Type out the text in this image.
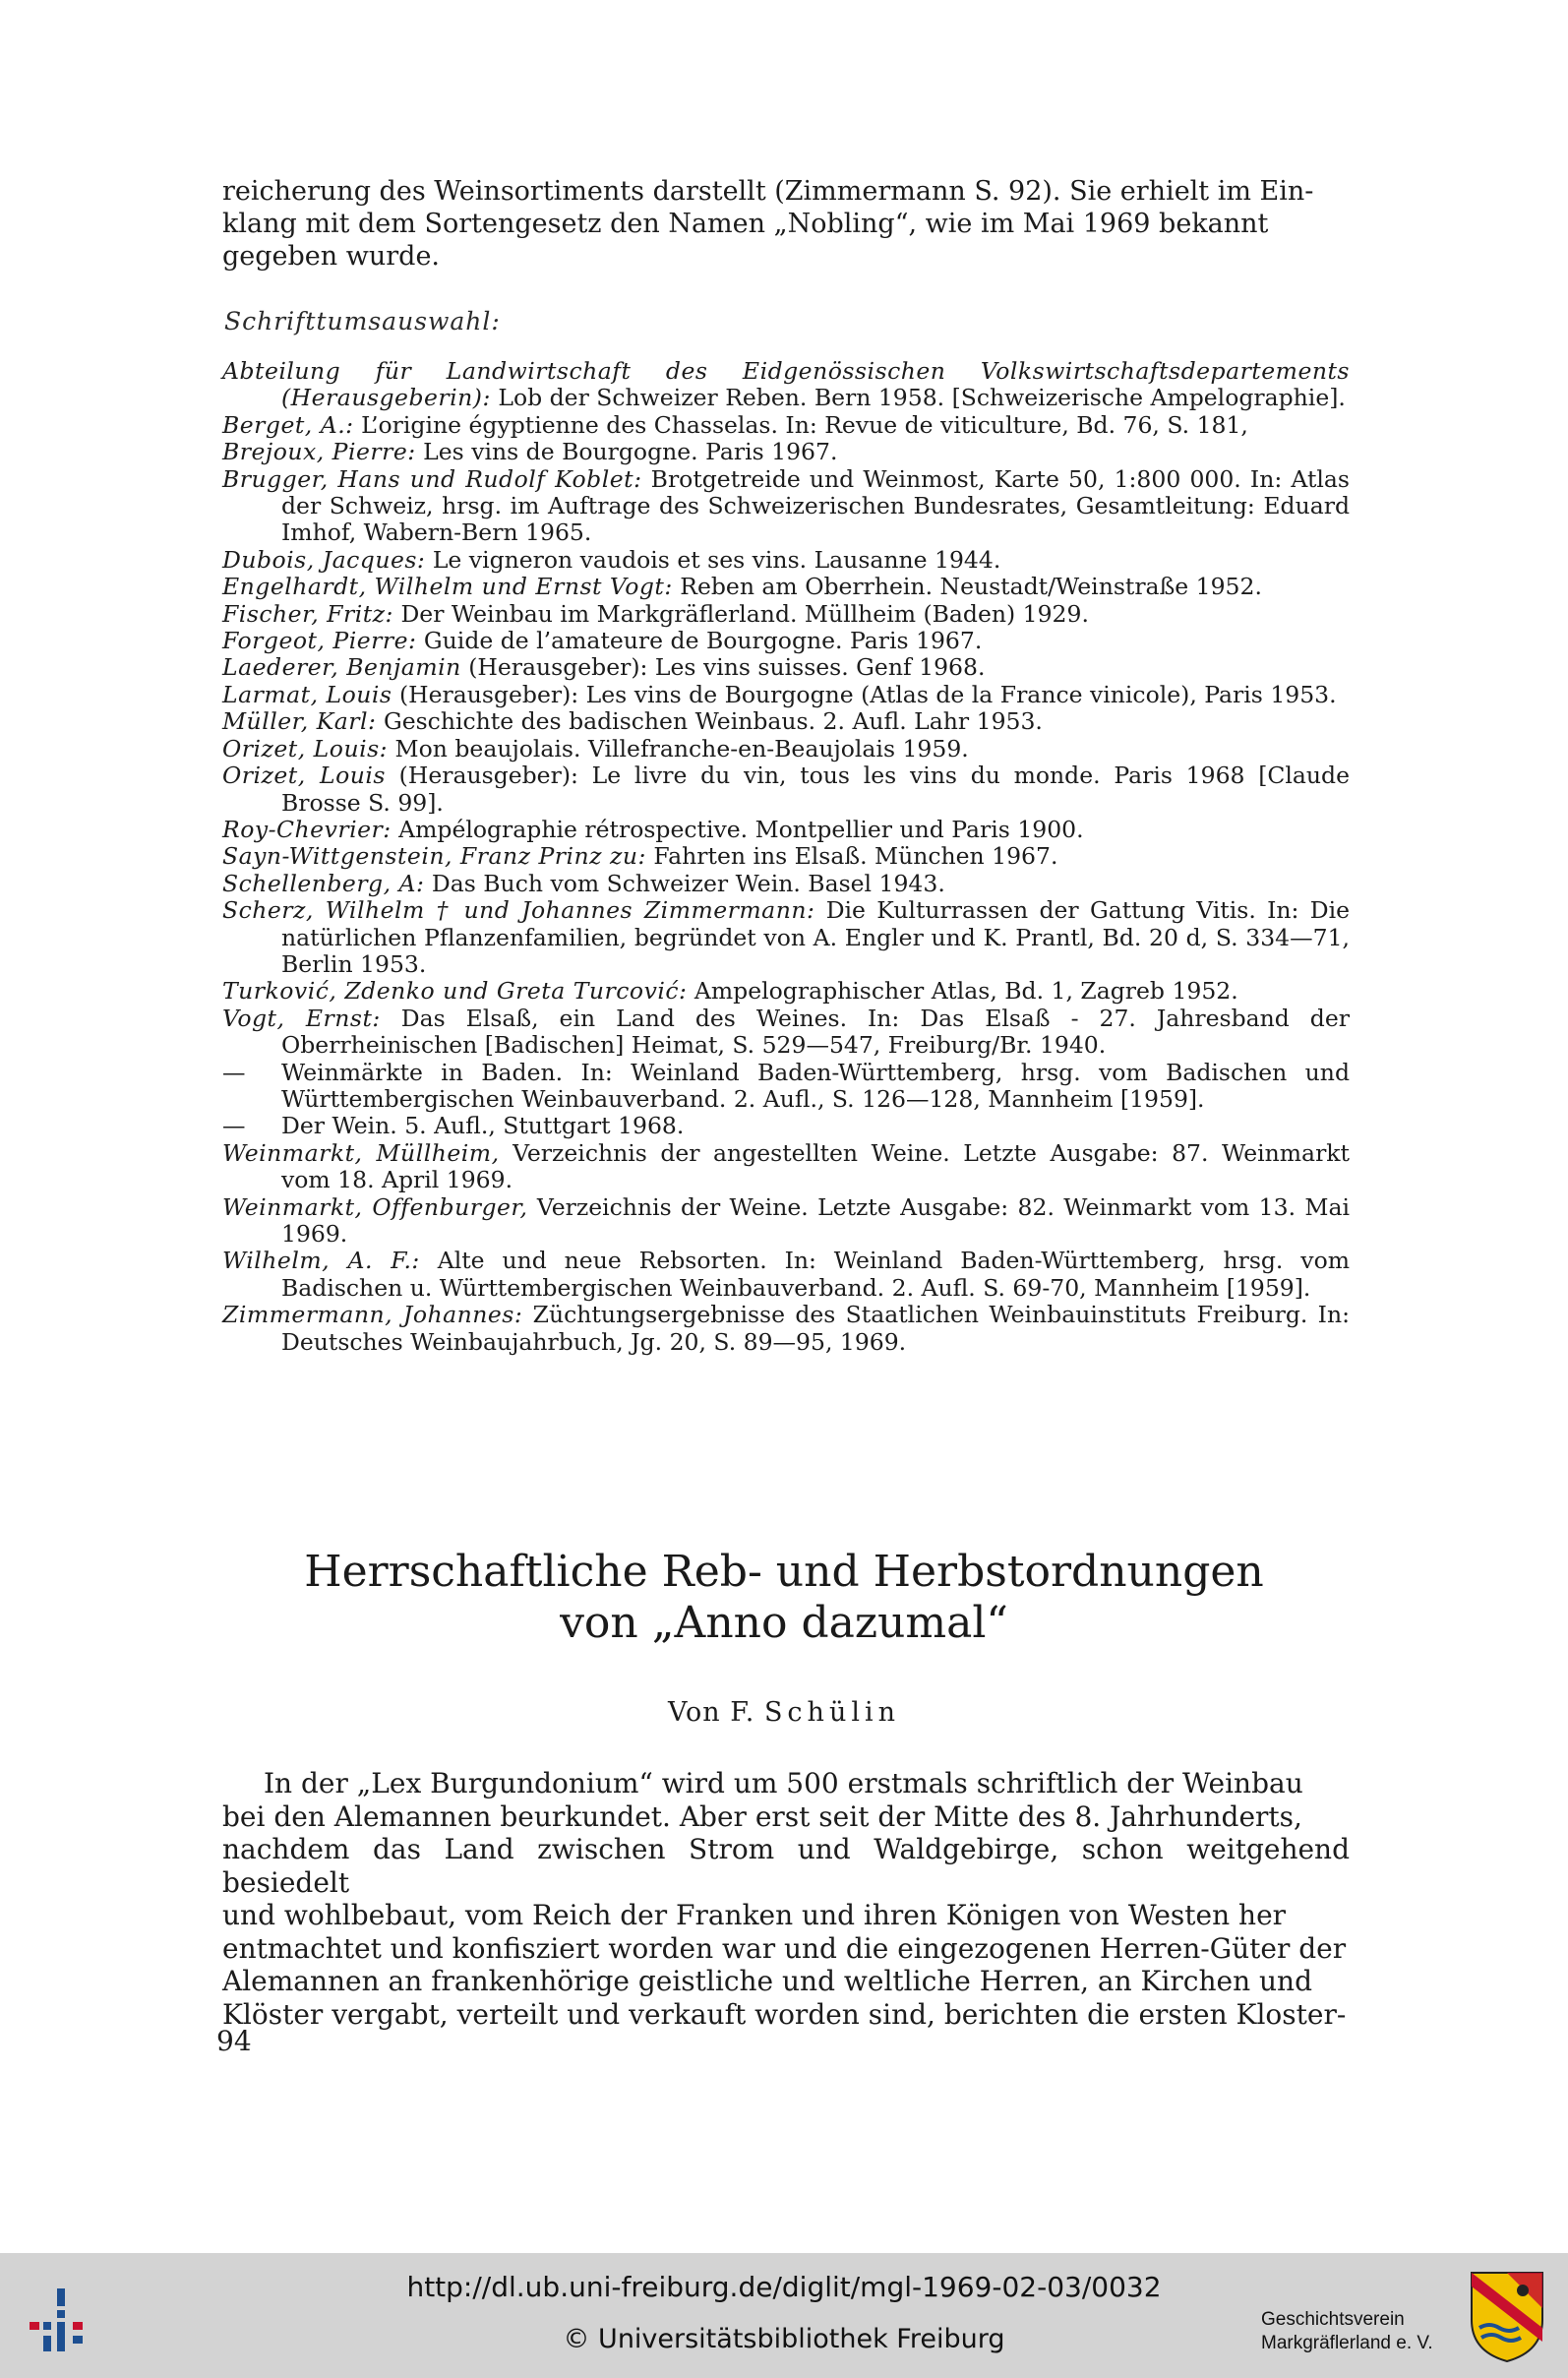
reicherung des Weinsortiments darstellt (Zimmermann S. 92). Sie erhielt im Ein-
klang mit dem Sortengesetz den Namen „Nobling“, wie im Mai 1969 bekannt
gegeben wurde.
Schrifttumsauswahl:

Abteilung für Landwirtschaft des Eidgenössischen Volkswirtschaftsdepartements (Herausgeberin): Lob der Schweizer Reben. Bern 1958. [Schweizerische Ampelographie].

Berget, A.: L’origine égyptienne des Chasselas. In: Revue de viticulture, Bd. 76, S. 181,

Brejoux, Pierre: Les vins de Bourgogne. Paris 1967.

Brugger, Hans und Rudolf Koblet: Brotgetreide und Weinmost, Karte 50, 1:800 000. In: Atlas der Schweiz, hrsg. im Auftrage des Schweizerischen Bundesrates, Gesamtleitung: Eduard Imhof, Wabern-Bern 1965.

Dubois, Jacques: Le vigneron vaudois et ses vins. Lausanne 1944.

Engelhardt, Wilhelm und Ernst Vogt: Reben am Oberrhein. Neustadt/Weinstraße 1952.

Fischer, Fritz: Der Weinbau im Markgräflerland. Müllheim (Baden) 1929.

Forgeot, Pierre: Guide de l’amateure de Bourgogne. Paris 1967.

Laederer, Benjamin (Herausgeber): Les vins suisses. Genf 1968.

Larmat, Louis (Herausgeber): Les vins de Bourgogne (Atlas de la France vinicole), Paris 1953.

Müller, Karl: Geschichte des badischen Weinbaus. 2. Aufl. Lahr 1953.

Orizet, Louis: Mon beaujolais. Villefranche-en-Beaujolais 1959.

Orizet, Louis (Herausgeber): Le livre du vin, tous les vins du monde. Paris 1968 [Claude Brosse S. 99].

Roy-Chevrier: Ampélographie rétrospective. Montpellier und Paris 1900.

Sayn-Wittgenstein, Franz Prinz zu: Fahrten ins Elsaß. München 1967.

Schellenberg, A: Das Buch vom Schweizer Wein. Basel 1943.

Scherz, Wilhelm † und Johannes Zimmermann: Die Kulturrassen der Gattung Vitis. In: Die natürlichen Pflanzenfamilien, begründet von A. Engler und K. Prantl, Bd. 20 d, S. 334—71, Berlin 1953.

Turković, Zdenko und Greta Turcović: Ampelographischer Atlas, Bd. 1, Zagreb 1952.

Vogt, Ernst: Das Elsaß, ein Land des Weines. In: Das Elsaß - 27. Jahresband der Oberrheinischen [Badischen] Heimat, S. 529—547, Freiburg/Br. 1940.

— Weinmärkte in Baden. In: Weinland Baden-Württemberg, hrsg. vom Badischen und Württembergischen Weinbauverband. 2. Aufl., S. 126—128, Mannheim [1959].

— Der Wein. 5. Aufl., Stuttgart 1968.

Weinmarkt, Müllheim, Verzeichnis der angestellten Weine. Letzte Ausgabe: 87. Weinmarkt vom 18. April 1969.

Weinmarkt, Offenburger, Verzeichnis der Weine. Letzte Ausgabe: 82. Weinmarkt vom 13. Mai 1969.

Wilhelm, A. F.: Alte und neue Rebsorten. In: Weinland Baden-Württemberg, hrsg. vom Badischen u. Württembergischen Weinbauverband. 2. Aufl. S. 69-70, Mannheim [1959].

Zimmermann, Johannes: Züchtungsergebnisse des Staatlichen Weinbauinstituts Freiburg. In: Deutsches Weinbaujahrbuch, Jg. 20, S. 89—95, 1969.

Herrschaftliche Reb- und Herbstordnungen
von „Anno dazumal“
Von F. Schülin
In der „Lex Burgundonium“ wird um 500 erstmals schriftlich der Weinbau
bei den Alemannen beurkundet. Aber erst seit der Mitte des 8. Jahrhunderts,
nachdem das Land zwischen Strom und Waldgebirge, schon weitgehend besiedelt
und wohlbebaut, vom Reich der Franken und ihren Königen von Westen her
entmachtet und konfisziert worden war und die eingezogenen Herren-Güter der
Alemannen an frankenhörige geistliche und weltliche Herren, an Kirchen und
Klöster vergabt, verteilt und verkauft worden sind, berichten die ersten Kloster-
94
http://dl.ub.uni-freiburg.de/diglit/mgl-1969-02-03/0032
© Universitätsbibliothek Freiburg
Geschichtsverein
Markgräflerland e. V.
